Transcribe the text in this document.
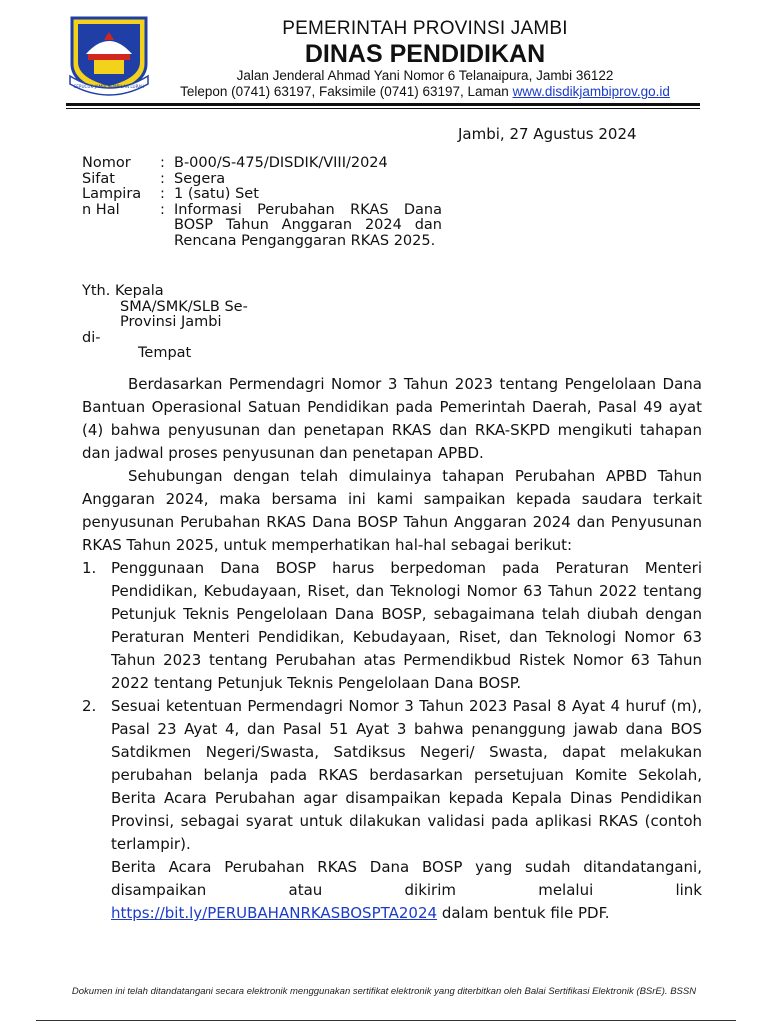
SEPUCUK JAMBI SEMBILAN LURAH
PEMERINTAH PROVINSI JAMBI
DINAS PENDIDIKAN
Jalan Jenderal Ahmad Yani Nomor 6 Telanaipura, Jambi 36122
Telepon (0741) 63197, Faksimile (0741) 63197, Laman www.disdikjambiprov.go.id
Jambi, 27 Agustus 2024
Nomor	: B-000/S-475/DISDIK/VIII/2024
Sifat	: Segera
Lampira	: 1 (satu) Set
n Hal	: Informasi Perubahan RKAS Dana BOSP Tahun Anggaran 2024 dan Rencana Penganggaran RKAS 2025.
Yth. Kepala
SMA/SMK/SLB Se-
Provinsi Jambi
di-
Tempat
Berdasarkan Permendagri Nomor 3 Tahun 2023 tentang Pengelolaan Dana Bantuan Operasional Satuan Pendidikan pada Pemerintah Daerah, Pasal 49 ayat (4) bahwa penyusunan dan penetapan RKAS dan RKA-SKPD mengikuti tahapan dan jadwal proses penyusunan dan penetapan APBD.
Sehubungan dengan telah dimulainya tahapan Perubahan APBD Tahun Anggaran 2024, maka bersama ini kami sampaikan kepada saudara terkait penyusunan Perubahan RKAS Dana BOSP Tahun Anggaran 2024 dan Penyusunan RKAS Tahun 2025, untuk memperhatikan hal-hal sebagai berikut:
1. Penggunaan Dana BOSP harus berpedoman pada Peraturan Menteri Pendidikan, Kebudayaan, Riset, dan Teknologi Nomor 63 Tahun 2022 tentang Petunjuk Teknis Pengelolaan Dana BOSP, sebagaimana telah diubah dengan Peraturan Menteri Pendidikan, Kebudayaan, Riset, dan Teknologi Nomor 63 Tahun 2023 tentang Perubahan atas Permendikbud Ristek Nomor 63 Tahun 2022 tentang Petunjuk Teknis Pengelolaan Dana BOSP.
2. Sesuai ketentuan Permendagri Nomor 3 Tahun 2023 Pasal 8 Ayat 4 huruf (m), Pasal 23 Ayat 4, dan Pasal 51 Ayat 3 bahwa penanggung jawab dana BOS Satdikmen Negeri/Swasta, Satdiksus Negeri/ Swasta, dapat melakukan perubahan belanja pada RKAS berdasarkan persetujuan Komite Sekolah, Berita Acara Perubahan agar disampaikan kepada Kepala Dinas Pendidikan Provinsi, sebagai syarat untuk dilakukan validasi pada aplikasi RKAS (contoh terlampir).
Berita Acara Perubahan RKAS Dana BOSP yang sudah ditandatangani, disampaikan atau dikirim melalui link
https://bit.ly/PERUBAHANRKASBOSPTA2024 dalam bentuk file PDF.
Dokumen ini telah ditandatangani secara elektronik menggunakan sertifikat elektronik yang diterbitkan oleh Balai Sertifikasi Elektronik (BSrE). BSSN
